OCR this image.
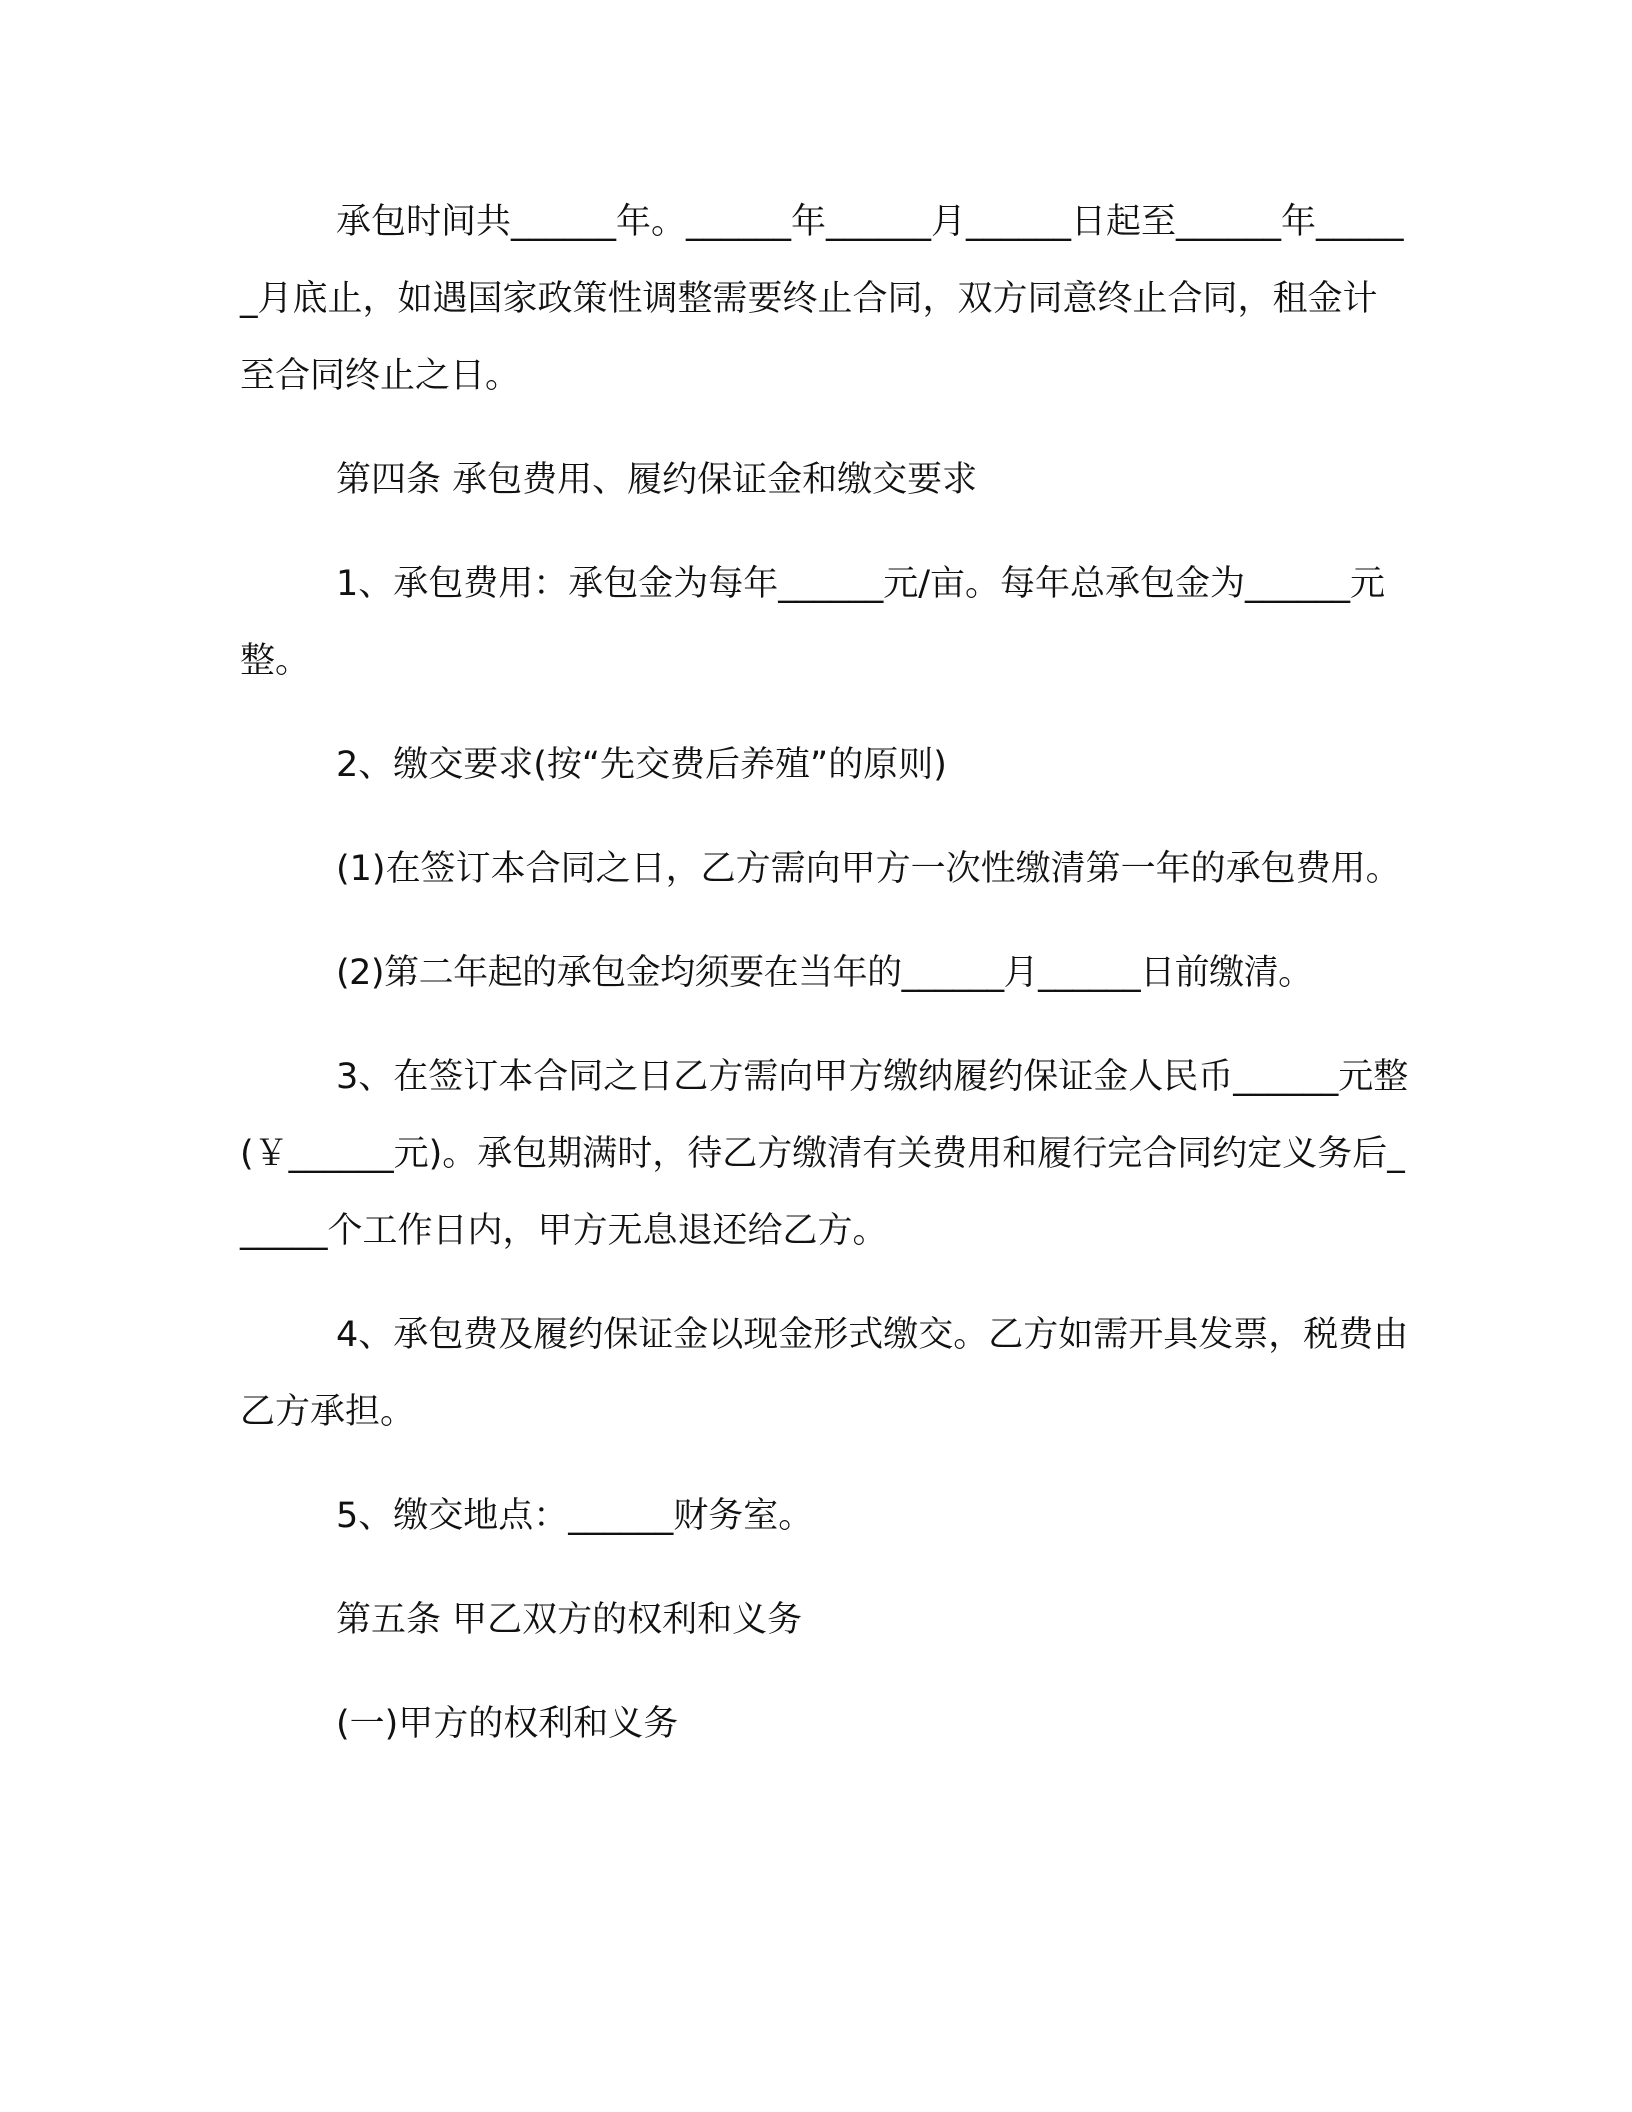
承包时间共______年。______年______月______日起至______年______月底止，如遇国家政策性调整需要终止合同，双方同意终止合同，租金计至合同终止之日。

第四条 承包费用、履约保证金和缴交要求

1、承包费用：承包金为每年______元/亩。每年总承包金为______元整。

2、缴交要求(按“先交费后养殖”的原则)

(1)在签订本合同之日，乙方需向甲方一次性缴清第一年的承包费用。

(2)第二年起的承包金均须要在当年的______月______日前缴清。

3、在签订本合同之日乙方需向甲方缴纳履约保证金人民币______元整(￥______元)。承包期满时，待乙方缴清有关费用和履行完合同约定义务后______个工作日内，甲方无息退还给乙方。

4、承包费及履约保证金以现金形式缴交。乙方如需开具发票，税费由乙方承担。

5、缴交地点：______财务室。

第五条 甲乙双方的权利和义务

(一)甲方的权利和义务
